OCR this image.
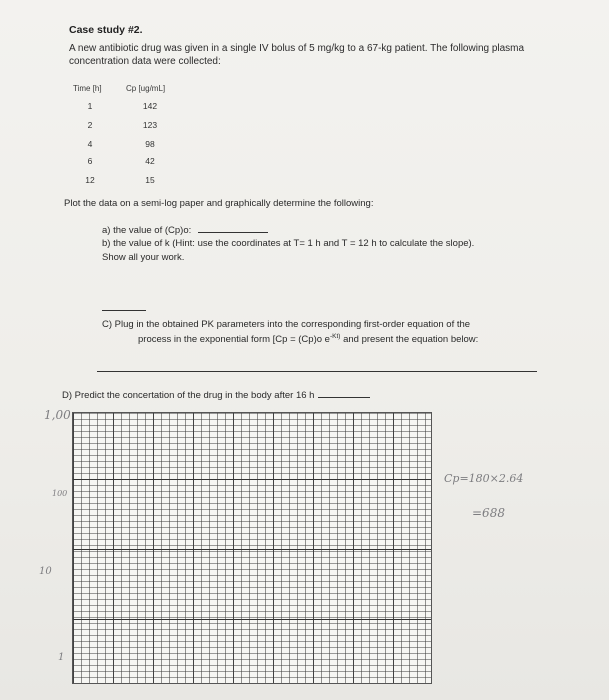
Case study #2.
A new antibiotic drug was given in a single IV bolus of 5 mg/kg to a 67-kg patient. The following plasma concentration data were collected:
Time [h]	Cp [ug/mL]
1	142
2	123
4	98
6	42
12	15
Plot the data on a semi-log paper and graphically determine the following:
a) the value of (Cp)o:
b) the value of k (Hint: use the coordinates at T= 1 h and T = 12 h to calculate the slope).
Show all your work.
C) Plug in the obtained PK parameters into the corresponding first-order equation of the
process in the exponential form [Cp = (Cp)o $e^{-Kt)}$ and present the equation below:
D) Predict the concertation of the drug in the body after 16 h
1,00
100
10
1
Cp=180×2.64
=688
